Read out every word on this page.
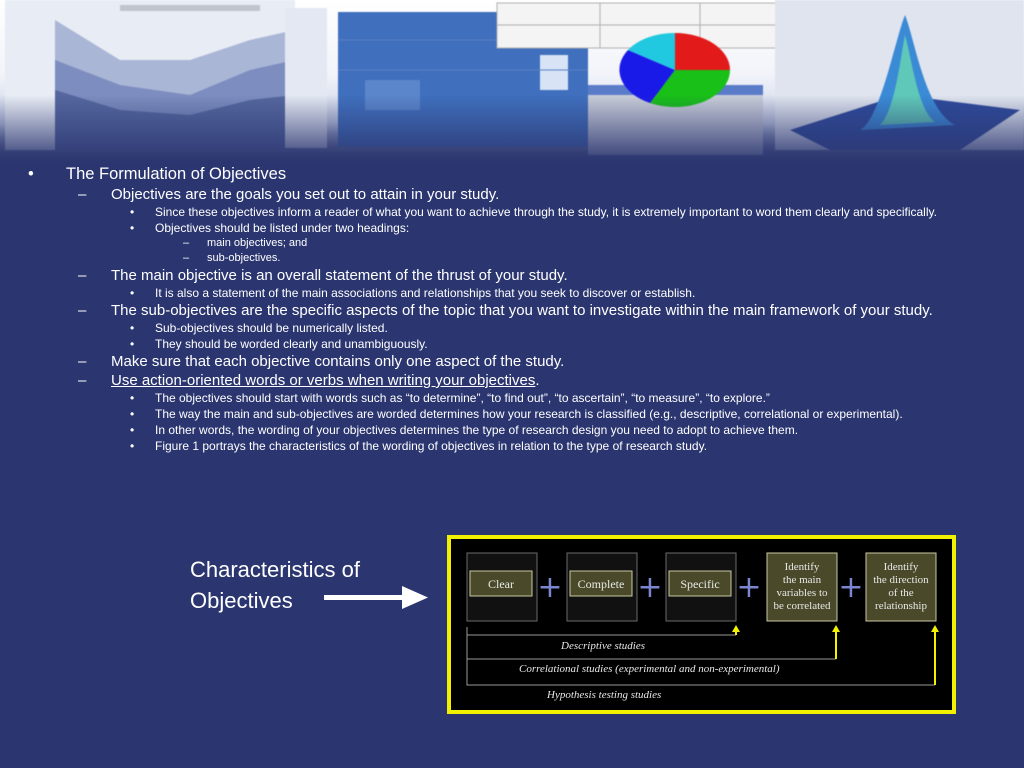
• The Formulation of Objectives
– Objectives are the goals you set out to attain in your study.
• Since these objectives inform a reader of what you want to achieve through the study, it is extremely important to word them clearly and specifically.
• Objectives should be listed under two headings:
– main objectives; and
– sub-objectives.
– The main objective is an overall statement of the thrust of your study.
• It is also a statement of the main associations and relationships that you seek to discover or establish.
– The sub-objectives are the specific aspects of the topic that you want to investigate within the main framework of your study.
• Sub-objectives should be numerically listed.
• They should be worded clearly and unambiguously.
– Make sure that each objective contains only one aspect of the study.
– Use action-oriented words or verbs when writing your objectives.
• The objectives should start with words such as “to determine”, “to find out”, “to ascertain”, “to measure”, “to explore.”
• The way the main and sub-objectives are worded determines how your research is classified (e.g., descriptive, correlational or experimental).
• In other words, the wording of your objectives determines the type of research design you need to adopt to achieve them.
• Figure 1 portrays the characteristics of the wording of objectives in relation to the type of research study.
Characteristics of
Objectives
Clear	Complete	Specific
Identify
the main
variables to
be correlated
Identify
the direction
of the
relationship
+ + +	+
Descriptive studies
Correlational studies (experimental and non-experimental)
Hypothesis testing studies
